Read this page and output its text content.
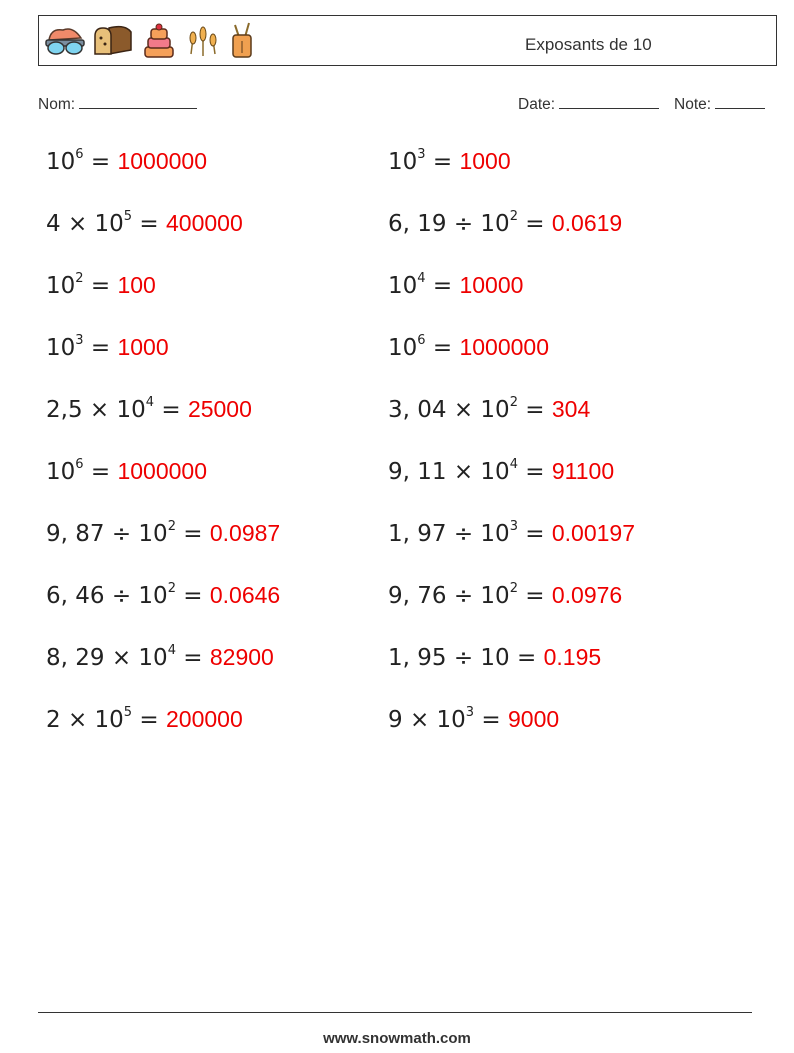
Exposants de 10
Nom:	Date:	Note:
$10^6 = 1000000$	$10^3 = 1000$
$4 \times 10^5 = 400000$	6, $19 \div 10^2 = 0.0619$
$10^2 = 100$	$10^4 = 10000$
$10^3 = 1000$	$10^6 = 1000000$
$2,5 \times 10^4 = 25000$	3, $04 \times 10^2 = 304$
$10^6 = 1000000$	9, $11 \times 10^4 = 91100$
9, $87 \div 10^2 = 0.0987$	1, $97 \div 10^3 = 0.00197$
6, $46 \div 10^2 = 0.0646$	9, $76 \div 10^2 = 0.0976$
8, $29 \times 10^4 = 82900$	1, 95 ÷ 10 = 0.195
$2 \times 10^5 = 200000$	$9 \times 10^3 = 9000$
www.snowmath.com
